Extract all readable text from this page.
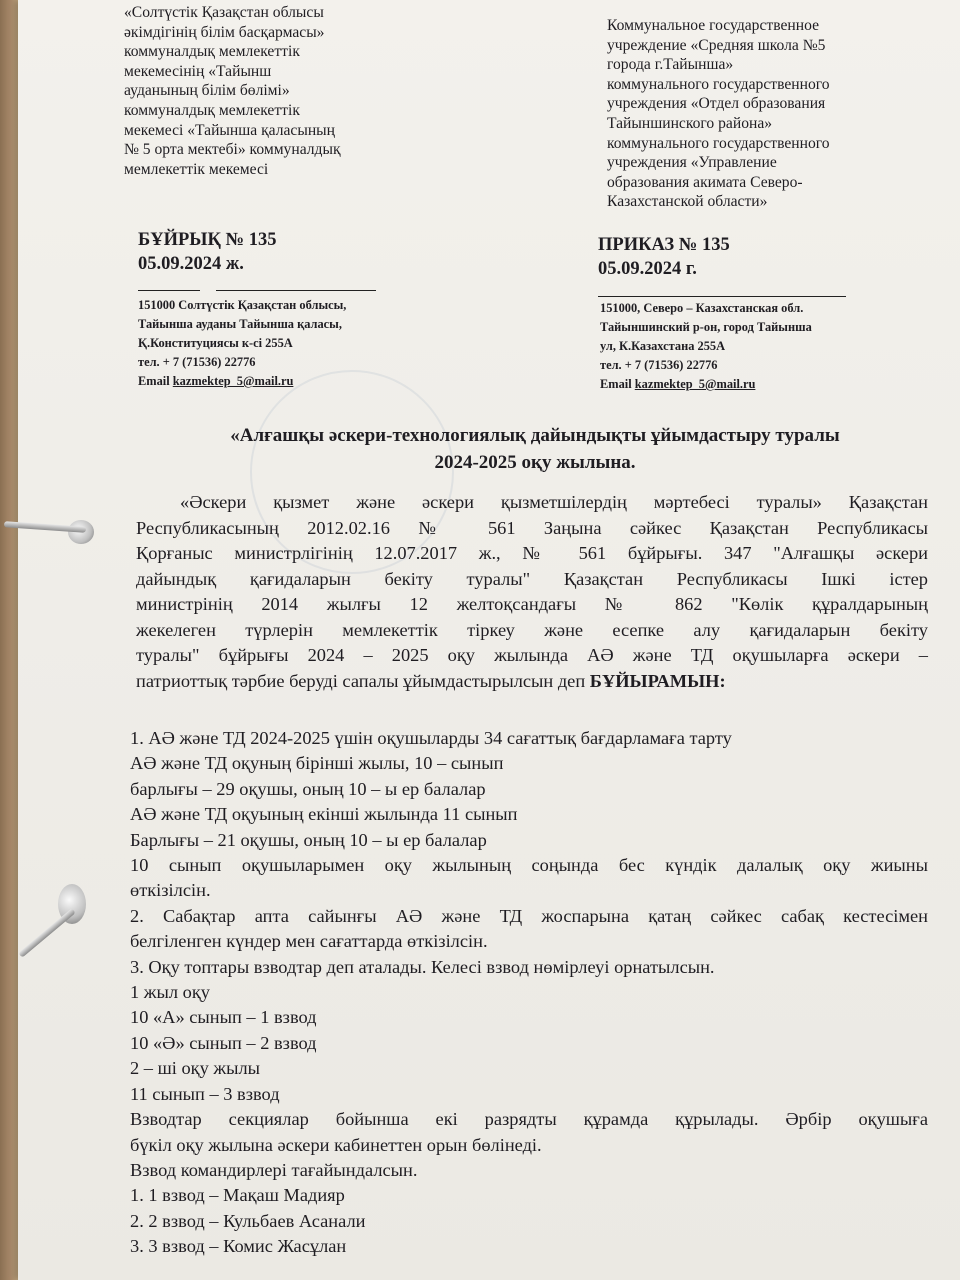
«Солтүстік Қазақстан облысы
әкімдігінің білім басқармасы»
коммуналдық мемлекеттік
мекемесінің «Тайынш
ауданының білім бөлімі»
коммуналдық мемлекеттік
мекемесі «Тайынша қаласының
№ 5 орта мектебі» коммуналдық
мемлекеттік мекемесі
Коммунальное государственное
учреждение «Средняя школа №5
города г.Тайынша»
коммунального государственного
учреждения «Отдел образования
Тайыншинского района»
коммунального государственного
учреждения «Управление
образования акимата Северо-
Казахстанской области»
БҰЙРЫҚ № 135
05.09.2024 ж.
ПРИКАЗ № 135
05.09.2024 г.
151000 Солтүстік Қазақстан облысы,
Тайынша ауданы Тайынша қаласы,
Қ.Конституциясы к-сі 255А
тел. + 7 (71536) 22776
Email kazmektep_5@mail.ru
151000, Северо – Казахстанская обл.
Тайыншинский р-он, город Тайынша
ул, К.Казахстана 255А
тел. + 7 (71536) 22776
Email kazmektep_5@mail.ru
«Алғашқы әскери-технологиялық дайындықты ұйымдастыру туралы
2024-2025 оқу жылына.
«Әскери қызмет және әскери қызметшілердің мәртебесі туралы» Қазақстан
Республикасының 2012.02.16 № 561 Заңына сәйкес Қазақстан Республикасы
Қорғаныс министрлігінің 12.07.2017 ж., № 561 бұйрығы. 347 "Алғашқы әскери
дайындық қағидаларын бекіту туралы" Қазақстан Республикасы Ішкі істер
министрінің 2014 жылғы 12 желтоқсандағы № 862 "Көлік құралдарының
жекелеген түрлерін мемлекеттік тіркеу және есепке алу қағидаларын бекіту
туралы" бұйрығы 2024 – 2025 оқу жылында АӘ және ТД оқушыларға әскери –
патриоттық тәрбие беруді сапалы ұйымдастырылсын деп БҰЙЫРАМЫН:
1. АӘ және ТД 2024-2025 үшін оқушыларды 34 сағаттық бағдарламаға тарту
АӘ және ТД оқуның бірінші жылы, 10 – сынып
барлығы – 29 оқушы, оның 10 – ы ер балалар
АӘ және ТД оқуының екінші жылында 11 сынып
Барлығы – 21 оқушы, оның 10 – ы ер балалар
10 сынып оқушыларымен оқу жылының соңында бес күндік далалық оқу жиыны
өткізілсін.
2. Сабақтар апта сайынғы АӘ және ТД жоспарына қатаң сәйкес сабақ кестесімен
белгіленген күндер мен сағаттарда өткізілсін.
3. Оқу топтары взводтар деп аталады. Келесі взвод нөмірлеуі орнатылсын.
1 жыл оқу
10 «А» сынып – 1 взвод
10 «Ә» сынып – 2 взвод
2 – ші оқу жылы
11 сынып – 3 взвод
Взводтар секциялар бойынша екі разрядты құрамда құрылады. Әрбір оқушыға
бүкіл оқу жылына әскери кабинеттен орын бөлінеді.
Взвод командирлері тағайындалсын.
1. 1 взвод – Мақаш Мадияр
2. 2 взвод – Кульбаев Асанали
3. 3 взвод – Комис Жасұлан
